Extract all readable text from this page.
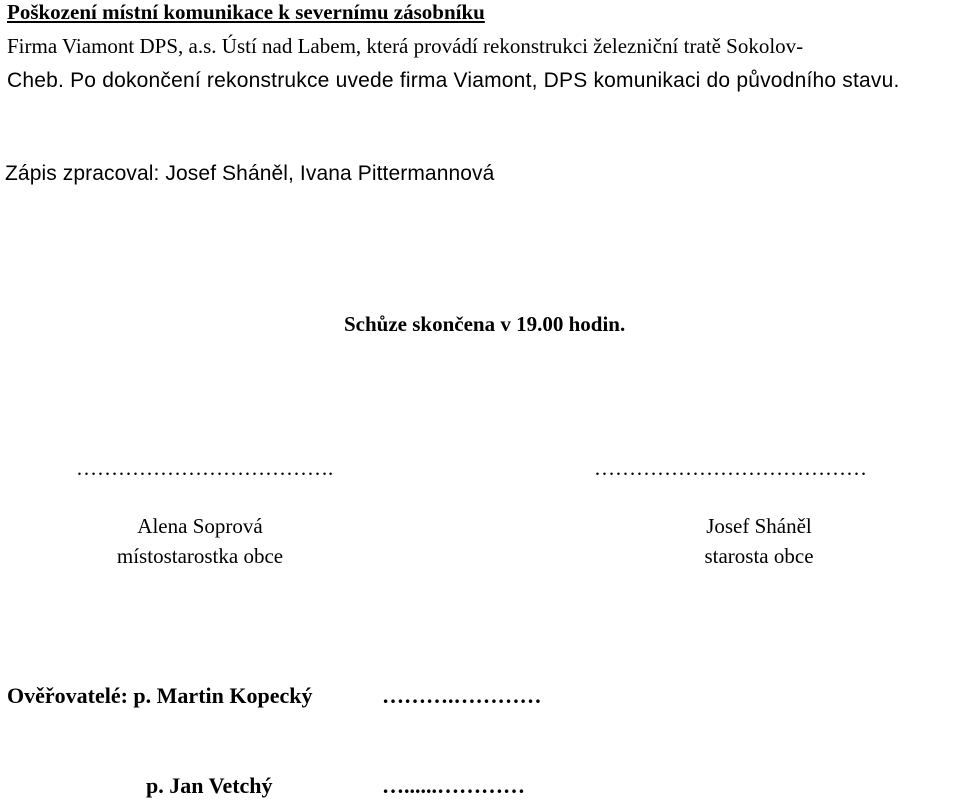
Poškození místní komunikace k severnímu zásobníku
Firma Viamont DPS, a.s. Ústí nad Labem, která provádí rekonstrukci železniční tratě Sokolov-
Cheb. Po dokončení rekonstrukce uvede firma Viamont, DPS komunikaci do původního stavu.
Zápis zpracoval: Josef Sháněl, Ivana Pittermannová
Schůze skončena v 19.00 hodin.
……………………………….	…………………………………
Alena Soprová
místostarostka obce
Josef Sháněl
starosta obce
Ověřovatelé: p. Martin Kopecký	……….…………
p. Jan Vetchý	…......…………
